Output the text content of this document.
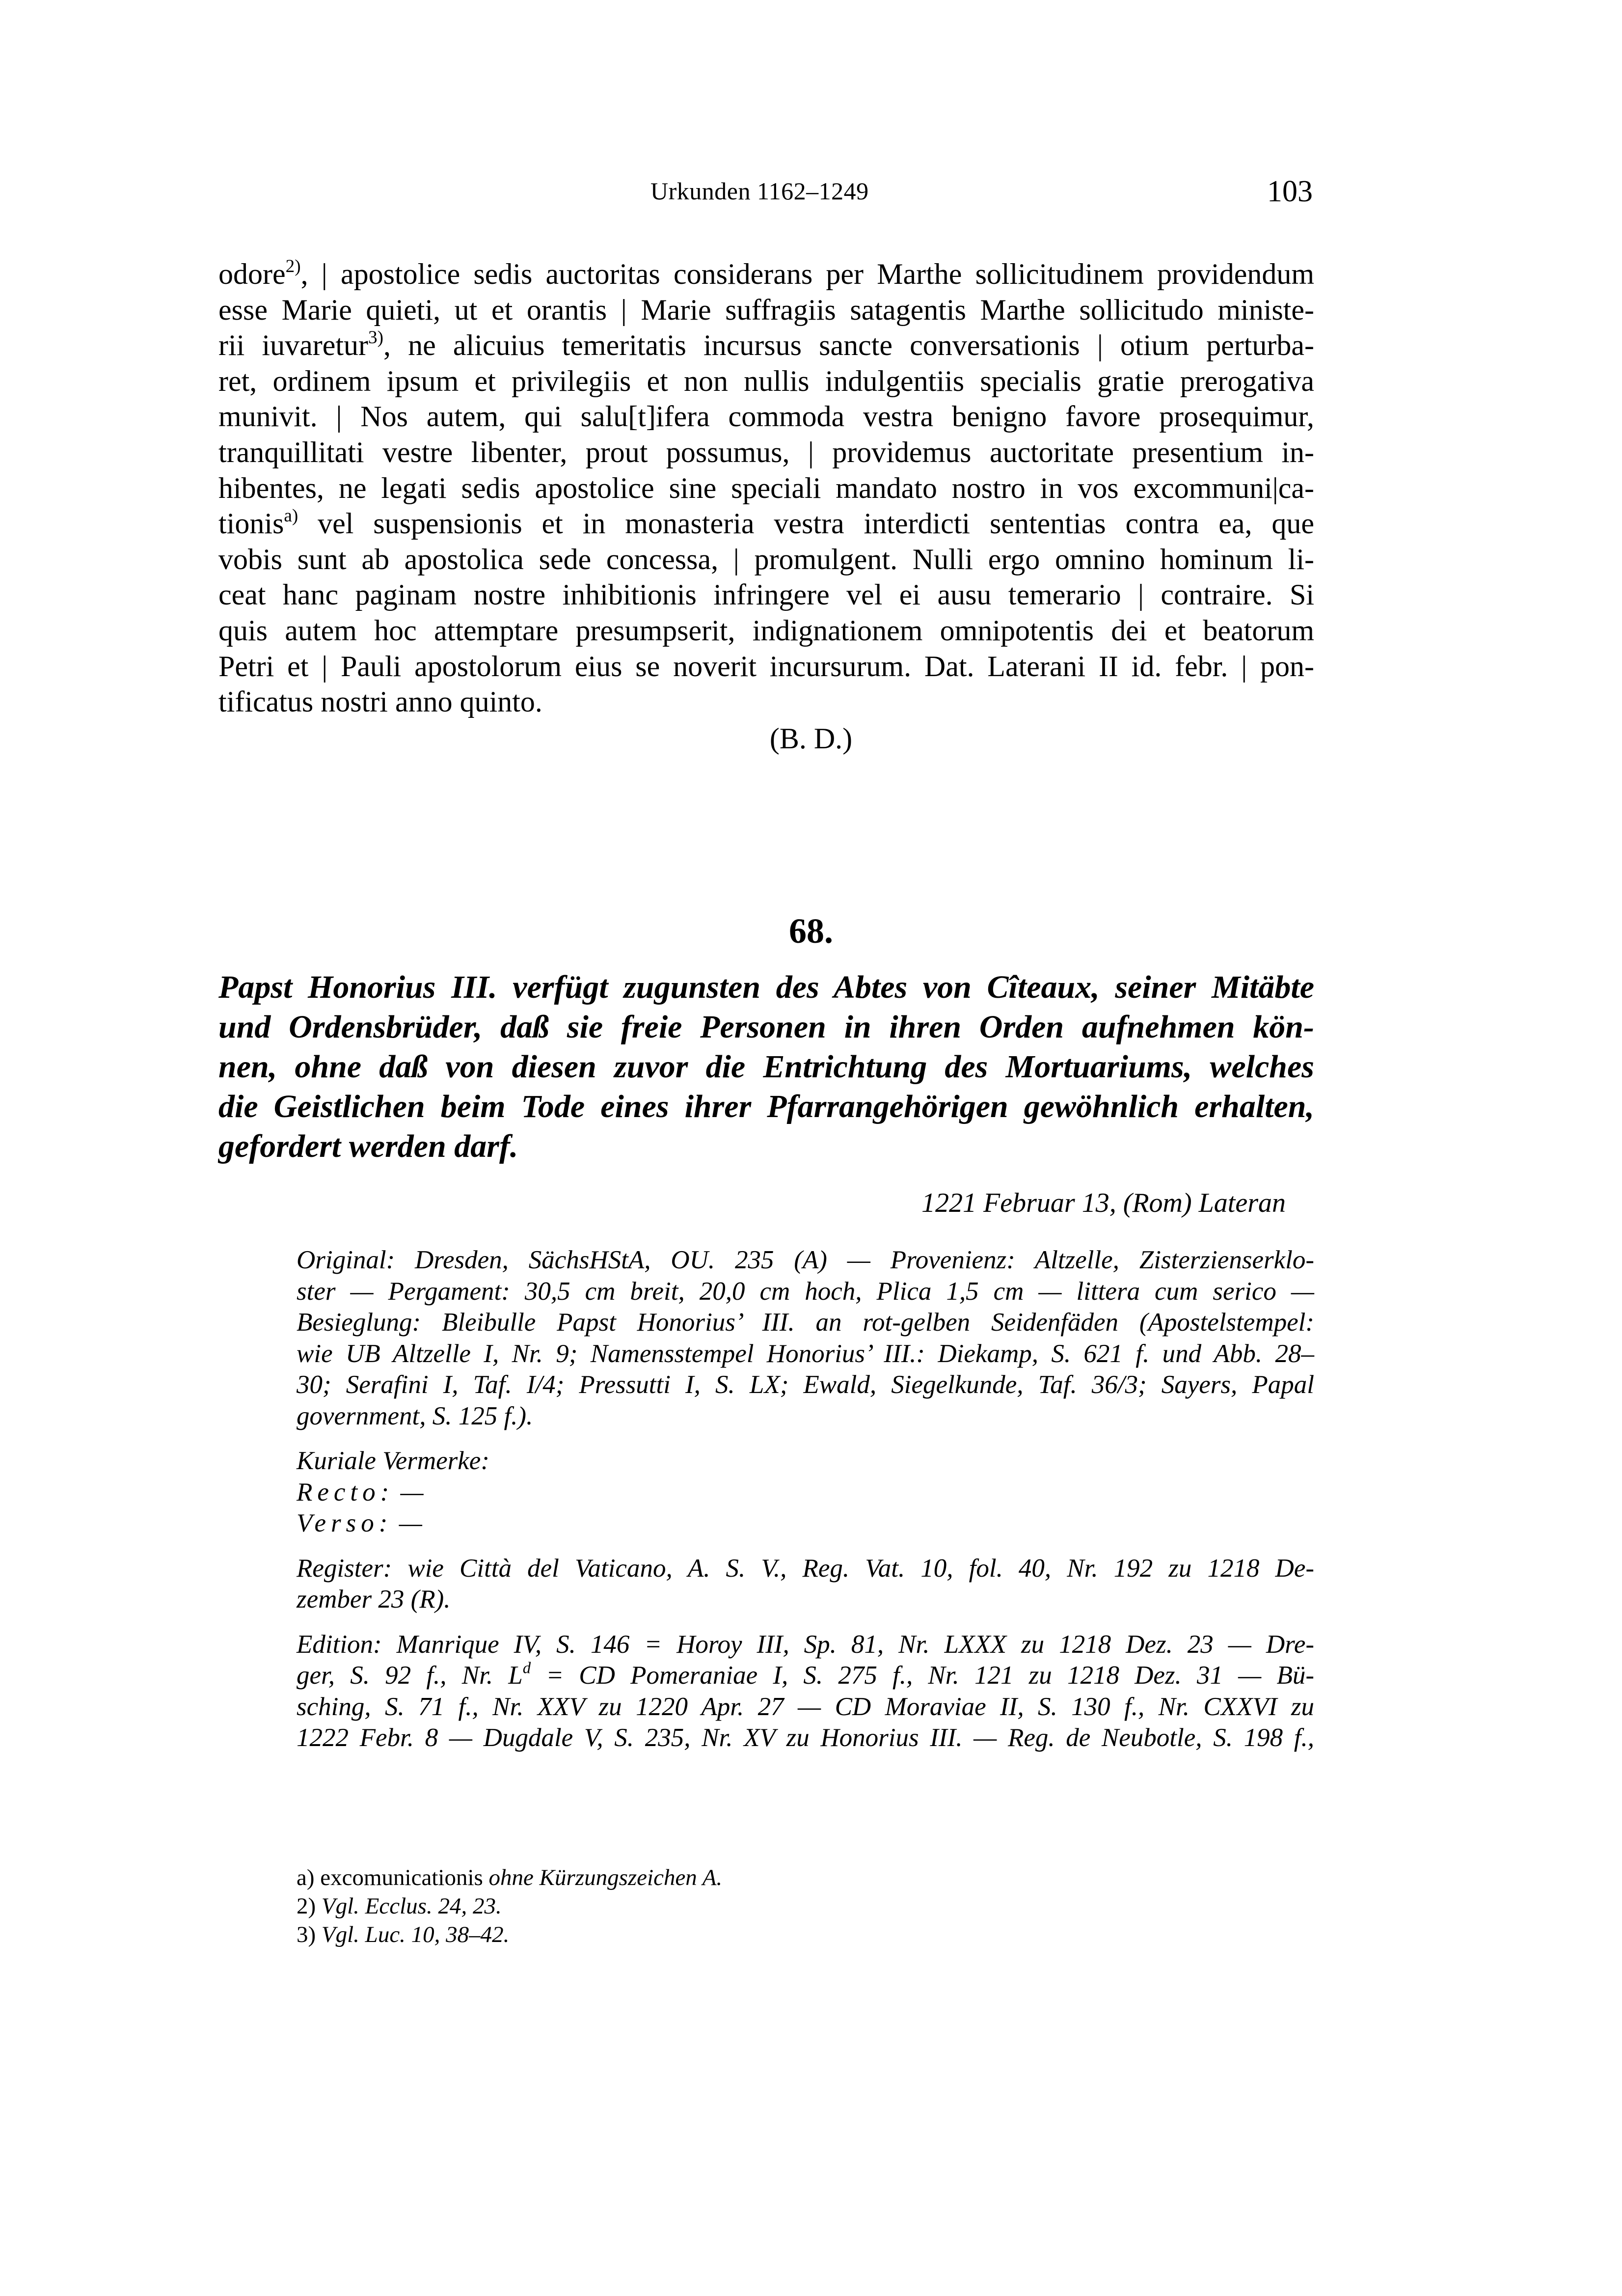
Urkunden 1162–1249	103
odore$^{2)}$, | apostolice sedis auctoritas considerans per Marthe sollicitudinem providendum
esse Marie quieti, ut et orantis | Marie suffragiis satagentis Marthe sollicitudo ministe-
rii iuvaretur$^{3)}$, ne alicuius temeritatis incursus sancte conversationis | otium perturba-
ret, ordinem ipsum et privilegiis et non nullis indulgentiis specialis gratie prerogativa
munivit. | Nos autem, qui salu[t]ifera commoda vestra benigno favore prosequimur,
tranquillitati vestre libenter, prout possumus, | providemus auctoritate presentium in-
hibentes, ne legati sedis apostolice sine speciali mandato nostro in vos excommuni|ca-
tionis$^{a)}$ vel suspensionis et in monasteria vestra interdicti sententias contra ea, que
vobis sunt ab apostolica sede concessa, | promulgent. Nulli ergo omnino hominum li-
ceat hanc paginam nostre inhibitionis infringere vel ei ausu temerario | contraire. Si
quis autem hoc attemptare presumpserit, indignationem omnipotentis dei et beatorum
Petri et | Pauli apostolorum eius se noverit incursurum. Dat. Laterani II id. febr. | pon-
tificatus nostri anno quinto.
(B. D.)
68.
Papst Honorius III. verfügt zugunsten des Abtes von Cîteaux, seiner Mitäbte
und Ordensbrüder, daß sie freie Personen in ihren Orden aufnehmen kön-
nen, ohne daß von diesen zuvor die Entrichtung des Mortuariums, welches
die Geistlichen beim Tode eines ihrer Pfarrangehörigen gewöhnlich erhalten,
gefordert werden darf.
1221 Februar 13, (Rom) Lateran
Original: Dresden, SächsHStA, OU. 235 (A) — Provenienz: Altzelle, Zisterzienserklo-
ster — Pergament: 30,5 cm breit, 20,0 cm hoch, Plica 1,5 cm — littera cum serico —
Besieglung: Bleibulle Papst Honorius’ III. an rot-gelben Seidenfäden (Apostelstempel:
wie UB Altzelle I, Nr. 9; Namensstempel Honorius’ III.: Diekamp, S. 621 f. und Abb. 28–
30; Serafini I, Taf. I/4; Pressutti I, S. LX; Ewald, Siegelkunde, Taf. 36/3; Sayers, Papal
government, S. 125 f.).
Kuriale Vermerke:
Recto: —
Verso: —
Register: wie Città del Vaticano, A. S. V., Reg. Vat. 10, fol. 40, Nr. 192 zu 1218 De-
zember 23 (R).
Edition: Manrique IV, S. 146 = Horoy III, Sp. 81, Nr. LXXX zu 1218 Dez. 23 — Dre-
ger, S. 92 f., Nr. $L^d$ = CD Pomeraniae I, S. 275 f., Nr. 121 zu 1218 Dez. 31 — Bü-
sching, S. 71 f., Nr. XXV zu 1220 Apr. 27 — CD Moraviae II, S. 130 f., Nr. CXXVI zu
1222 Febr. 8 — Dugdale V, S. 235, Nr. XV zu Honorius III. — Reg. de Neubotle, S. 198 f.,
a) excomunicationis ohne Kürzungszeichen A.
2) Vgl. Ecclus. 24, 23.
3) Vgl. Luc. 10, 38–42.
